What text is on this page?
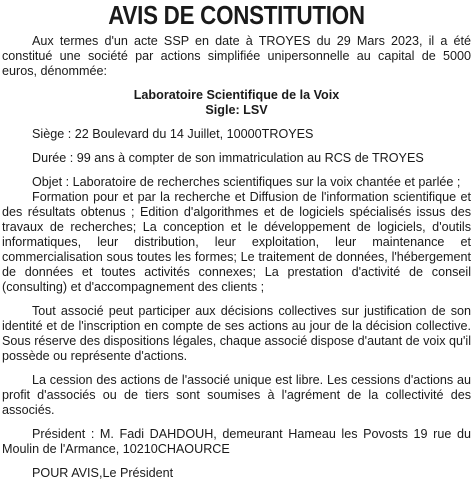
AVIS DE CONSTITUTION

Aux termes d'un acte SSP en date à TROYES du 29 Mars 2023, il a été constitué une société par actions simplifiée unipersonnelle au capital de 5000 euros, dénommée:

Laboratoire Scientifique de la Voix
Sigle: LSV

Siège : 22 Boulevard du 14 Juillet, 10000TROYES

Durée : 99 ans à compter de son immatriculation au RCS de TROYES

Objet : Laboratoire de recherches scientifiques sur la voix chantée et parlée ;

Formation pour et par la recherche et Diffusion de l'information scientifique et des résultats obtenus ; Edition d'algorithmes et de logiciels spécialisés issus des travaux de recherches; La conception et le développement de logiciels, d'outils informatiques, leur distribution, leur exploitation, leur maintenance et commercialisation sous toutes les formes; Le traitement de données, l'hébergement de données et toutes activités connexes; La prestation d'activité de conseil (consulting) et d'accompagnement des clients ;

Tout associé peut participer aux décisions collectives sur justification de son identité et de l'inscription en compte de ses actions au jour de la décision collective. Sous réserve des dispositions légales, chaque associé dispose d'autant de voix qu'il possède ou représente d'actions.

La cession des actions de l'associé unique est libre. Les cessions d'actions au profit d'associés ou de tiers sont soumises à l'agrément de la collectivité des associés.

Président : M. Fadi DAHDOUH, demeurant Hameau les Povosts 19 rue du Moulin de l'Armance, 10210CHAOURCE

POUR AVIS,Le Président
